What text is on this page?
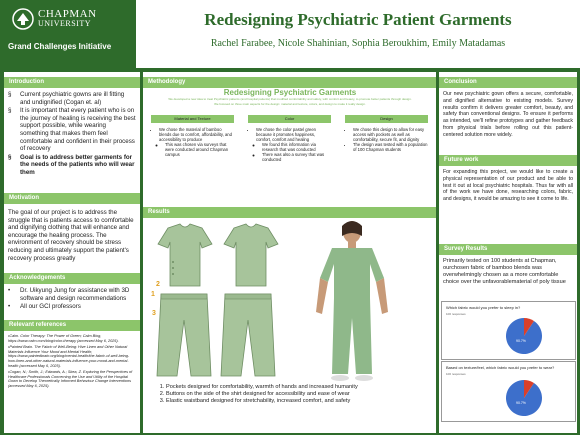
CHAPMAN
UNIVERSITY
Grand Challenges Initiative
Redesigning Psychiatric Patient Garments
Rachel Farabee, Nicole Shahinian, Sophia Beroukhim, Emily Matadamas
Introduction
§ Current psychiatric gowns are ill fitting and undignified (Cogan et. al)
§ It is important that every patient who is on the journey of healing is receiving the best support possible, while wearing something that makes them feel comfortable and confident in their process of recovery
§ Goal is to address better garments for the needs of the patients who will wear them
Motivation
The goal of our project is to address the struggle that is patients access to comfortable and dignifying clothing that will enhance and encourage the healing process. The environment of recovery should be stress reducing and ultimately support the patient's recovery process greatly
Acknowledgements
• Dr. Uikyung Jung for assistance with 3D software and design recommendations
• All our GCI professors
Relevant references
•Calm. Color Therapy: The Power of Green; Calm Blog, https://www.calm.com/blog/color-therapy (accessed May 6, 2025).
•Painted Brain. The Fabric of Well-Being: Hive Linen and Other Natural Materials Influence Your Mood and Mental Health; https://www.paintedbrain.org/blog/mental-health/the-fabric-of-well-being-how-linen-and-other-natural-materials-influence-your-mood-and-mental-health (accessed May 6, 2025).
•Cogan, N.; Smith, J.; Edwards, A.; Skea, Z. Exploring the Perspectives of Healthcare Professionals Concerning the Use and Utility of the Hospital Gown to Develop Theoretically Informed Behaviour Change Interventions (accessed May 6, 2025).
Methodology
Redesigning Psychiatric Garments
We developed a new idea to treat Psychiatric patients (and hospital patients) that modified comfortability and safety, with comfort and beauty, to promote better patients through design.
We focused on three main aspects for the design: material and texture, colors, and design to make it really design.
Material and Texture	Color	Design
• We chose the material of bamboo blends due to comfort, affordability, and accessibility to produce
◦ This was chosen via surveys that were conducted around Chapman campus
• We chose the color pastel green because it promotes happiness, comfort, comfort and healing
◦ We found this information via research that was conducted
◦ There was also a survey that was conducted
• We chose this design to allow for easy access with pockets as well as comfortability, secure fit, and dignity
• The design was tested with a population of 100 Chapman students
Results
1
2
3
1. Pockets designed for comfortability, warmth of hands and increased humanity
2. Buttons on the side of the shirt designed for accessibility and ease of wear
3. Elastic waistband designed for stretchability, increased comfort, and safety
Conclusion
Our new psychiatric gown offers a secure, comfortable, and dignified alternative to existing models. Survey results confirm it delivers greater comfort, beauty, and safety than conventional designs. To ensure it performs as intended, we'll refine prototypes and gather feedback from physical trials before rolling out this patient-centered solution more widely.
Future work
For expanding this project, we would like to create a physical representation of our product and be able to test it out at local psychiatric hospitals. Thus far with all of the work we have done, researching colors, fabric, and designs, it would be amazing to see it come to life.
Survey Results
Primarily tested on 100 students at Chapman, ourchosen fabric of bamboo blends was overwhelmingly chosen as a more comfortable choice over the unfavorablematerial of poly tissue
Which fabric would you prefer to sleep in?
100 responses
90.7%
Based on texture/feel, which fabric would you prefer to wear?
100 responses
90.7%
